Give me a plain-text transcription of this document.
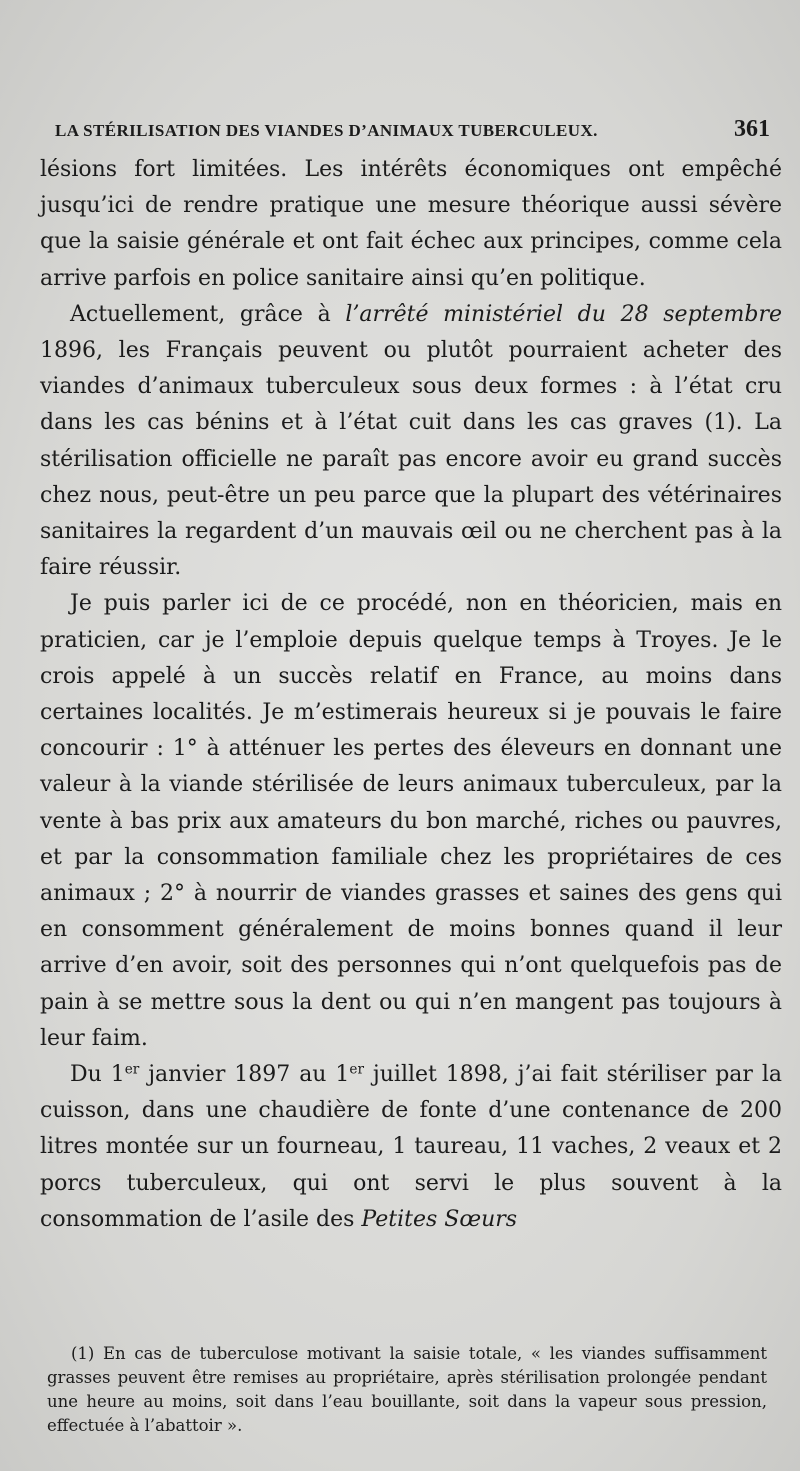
LA STÉRILISATION DES VIANDES D’ANIMAUX TUBERCULEUX.	361

lésions fort limitées. Les intérêts économiques ont empêché jusqu’ici de rendre pratique une mesure théorique aussi sévère que la saisie générale et ont fait échec aux principes, comme cela arrive parfois en police sanitaire ainsi qu’en politique.

Actuellement, grâce à l’arrêté ministériel du 28 septembre 1896, les Français peuvent ou plutôt pourraient acheter des viandes d’animaux tuberculeux sous deux formes : à l’état cru dans les cas bénins et à l’état cuit dans les cas graves (1). La stérilisation officielle ne paraît pas encore avoir eu grand succès chez nous, peut-être un peu parce que la plupart des vétérinaires sanitaires la regardent d’un mauvais œil ou ne cherchent pas à la faire réussir.

Je puis parler ici de ce procédé, non en théoricien, mais en praticien, car je l’emploie depuis quelque temps à Troyes. Je le crois appelé à un succès relatif en France, au moins dans certaines localités. Je m’estimerais heureux si je pouvais le faire concourir : 1° à atténuer les pertes des éleveurs en donnant une valeur à la viande stérilisée de leurs animaux tuberculeux, par la vente à bas prix aux amateurs du bon marché, riches ou pauvres, et par la consommation familiale chez les propriétaires de ces animaux ; 2° à nourrir de viandes grasses et saines des gens qui en consomment généralement de moins bonnes quand il leur arrive d’en avoir, soit des personnes qui n’ont quelquefois pas de pain à se mettre sous la dent ou qui n’en mangent pas toujours à leur faim.

Du 1er janvier 1897 au 1er juillet 1898, j’ai fait stériliser par la cuisson, dans une chaudière de fonte d’une contenance de 200 litres montée sur un fourneau, 1 taureau, 11 vaches, 2 veaux et 2 porcs tuberculeux, qui ont servi le plus souvent à la consommation de l’asile des Petites Sœurs

(1) En cas de tuberculose motivant la saisie totale, « les viandes suffisamment grasses peuvent être remises au propriétaire, après stérilisation prolongée pendant une heure au moins, soit dans l’eau bouillante, soit dans la vapeur sous pression, effectuée à l’abattoir ».
